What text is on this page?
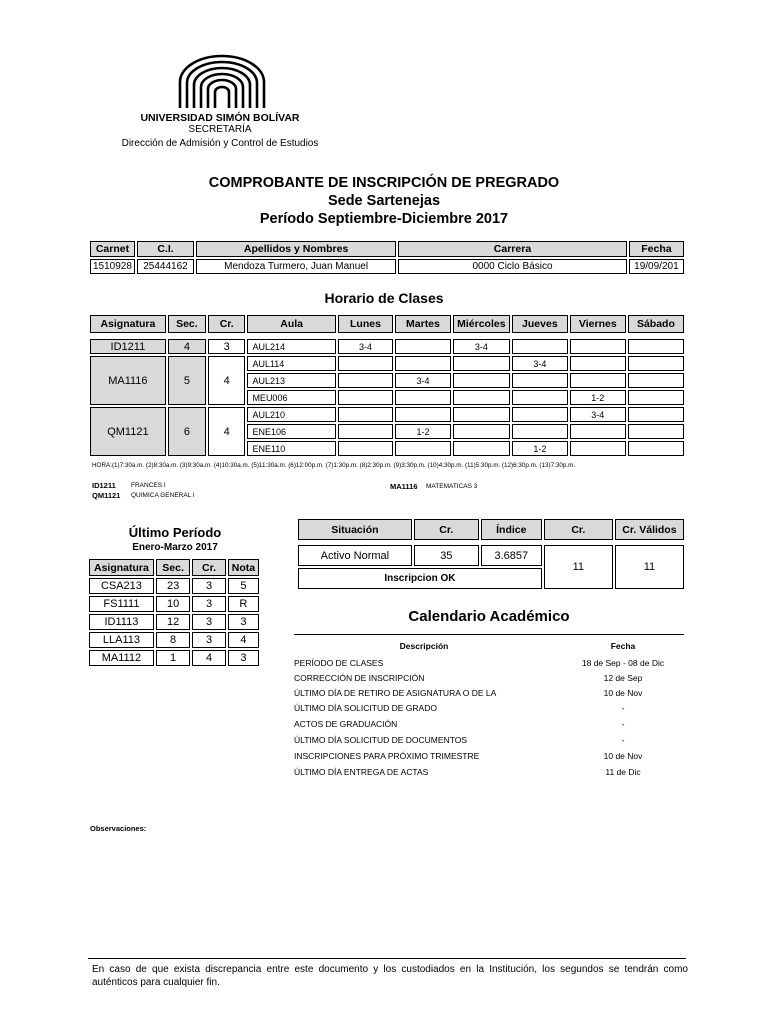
UNIVERSIDAD SIMÓN BOLÍVAR
SECRETARÍA
Dirección de Admisión y Control de Estudios
COMPROBANTE DE INSCRIPCIÓN DE PREGRADO
Sede Sartenejas
Período Septiembre-Diciembre 2017
Carnet	C.I.	Apellidos y Nombres	Carrera	Fecha
1510928	25444162	Mendoza Turmero, Juan Manuel	0000 Ciclo Básico	19/09/201
Horario de Clases
Asignatura	Sec.	Cr.	Aula	Lunes	Martes	Miércoles	Jueves	Viernes	Sábado

ID1211	4	3	AUL214	3-4		3-4			
MA1116	5	4	AUL114				3-4		
			AUL213		3-4				
			MEU006					1-2	
QM1121	6	4	AUL210					3-4	
			ENE106		1-2				
			ENE110				1-2		
HORA:(1)7:30a.m. (2)8:30a.m. (3)9:30a.m. (4)10:30a.m. (5)11:30a.m. (6)12:00p.m. (7)1:30p.m. (8)2:30p.m. (9)3:30p.m. (10)4:30p.m. (11)5:30p.m. (12)6:30p.m. (13)7:30p.m.
ID1211 FRANCES I
QM1121 QUIMICA GENERAL I
MA1116 MATEMATICAS 3
Último Período
Enero-Marzo 2017
Asignatura	Sec.	Cr.	Nota
CSA213	23	3	5
FS1111	10	3	R
ID1113	12	3	3
LLA113	8	3	4
MA1112	1	4	3
Situación	Cr.	Índice	Cr.	Cr. Válidos

Activo Normal	35	3.6857	11	11
Inscripcion OK				
Calendario Académico
Descripción	Fecha
PERÍODO DE CLASES	18 de Sep - 08 de Dic
CORRECCIÓN DE INSCRIPCIÓN	12 de Sep
ÚLTIMO DÍA DE RETIRO DE ASIGNATURA O DE LA	10 de Nov
ÚLTIMO DÍA SOLICITUD DE GRADO	-
ACTOS DE GRADUACIÓN	-
ÚLTIMO DÍA SOLICITUD DE DOCUMENTOS	-
INSCRIPCIONES PARA PRÓXIMO TRIMESTRE	10 de Nov
ÚLTIMO DÍA ENTREGA DE ACTAS	11 de Dic
Observaciones:
En caso de que exista discrepancia entre este documento y los custodiados en la Institución, los segundos se tendrán como auténticos para cualquier fin.
